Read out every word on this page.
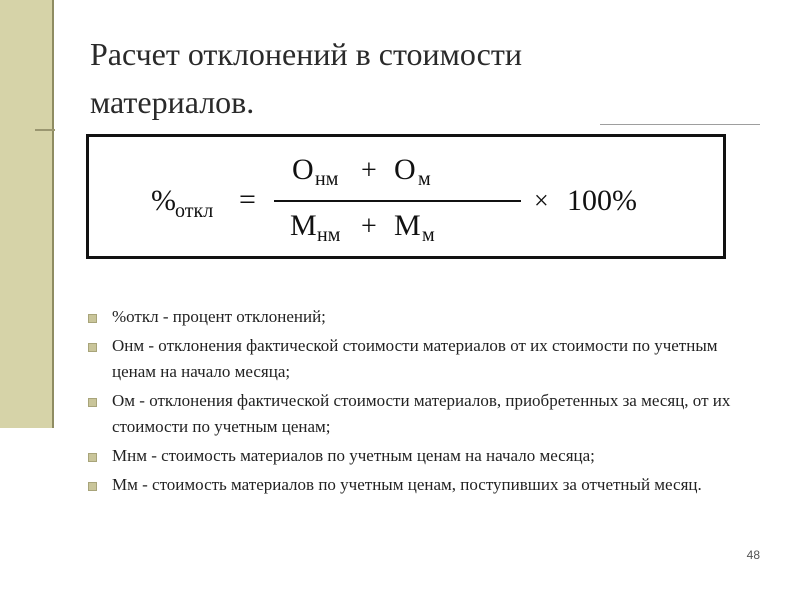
Расчет отклонений в стоимости
материалов.
% откл =
О нм + О м
М нм + М м
× 100%
%откл - процент отклонений;
Онм - отклонения фактической стоимости материалов от их стоимости по учетным ценам на начало месяца;
Ом - отклонения фактической стоимости материалов, приобретенных за месяц, от их стоимости по учетным ценам;
Мнм - стоимость материалов по учетным ценам на начало месяца;
Мм - стоимость материалов по учетным ценам, поступивших за отчетный месяц.
48
